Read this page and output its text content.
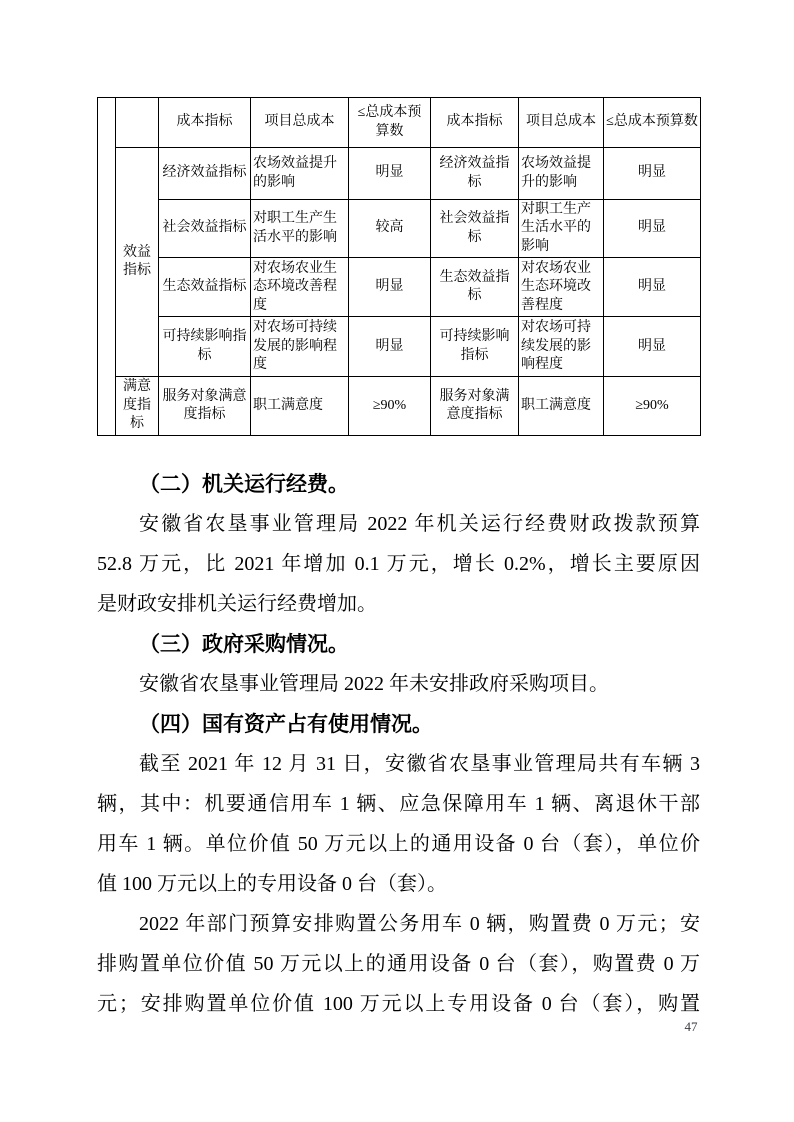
		成本指标	项目总成本	≤总成本预算数	成本指标	项目总成本	≤总成本预算数
	效益指标	经济效益指标	农场效益提升的影响	明显	经济效益指标	农场效益提升的影响	明显
		社会效益指标	对职工生产生活水平的影响	较高	社会效益指标	对职工生产生活水平的影响	明显
		生态效益指标	对农场农业生态环境改善程度	明显	生态效益指标	对农场农业生态环境改善程度	明显
		可持续影响指标	对农场可持续发展的影响程度	明显	可持续影响指标	对农场可持续发展的影响程度	明显
	满意度指标	服务对象满意度指标	职工满意度	≥90%	服务对象满意度指标	职工满意度	≥90%
（二）机关运行经费。
安徽省农垦事业管理局 2022 年机关运行经费财政拨款预算
52.8 万元，比 2021 年增加 0.1 万元，增长 0.2%，增长主要原因
是财政安排机关运行经费增加。
（三）政府采购情况。
安徽省农垦事业管理局 2022 年未安排政府采购项目。
（四）国有资产占有使用情况。
截至 2021 年 12 月 31 日，安徽省农垦事业管理局共有车辆 3
辆，其中：机要通信用车 1 辆、应急保障用车 1 辆、离退休干部
用车 1 辆。单位价值 50 万元以上的通用设备 0 台（套），单位价
值 100 万元以上的专用设备 0 台（套）。
2022 年部门预算安排购置公务用车 0 辆，购置费 0 万元；安
排购置单位价值 50 万元以上的通用设备 0 台（套），购置费 0 万
元；安排购置单位价值 100 万元以上专用设备 0 台（套），购置
47
